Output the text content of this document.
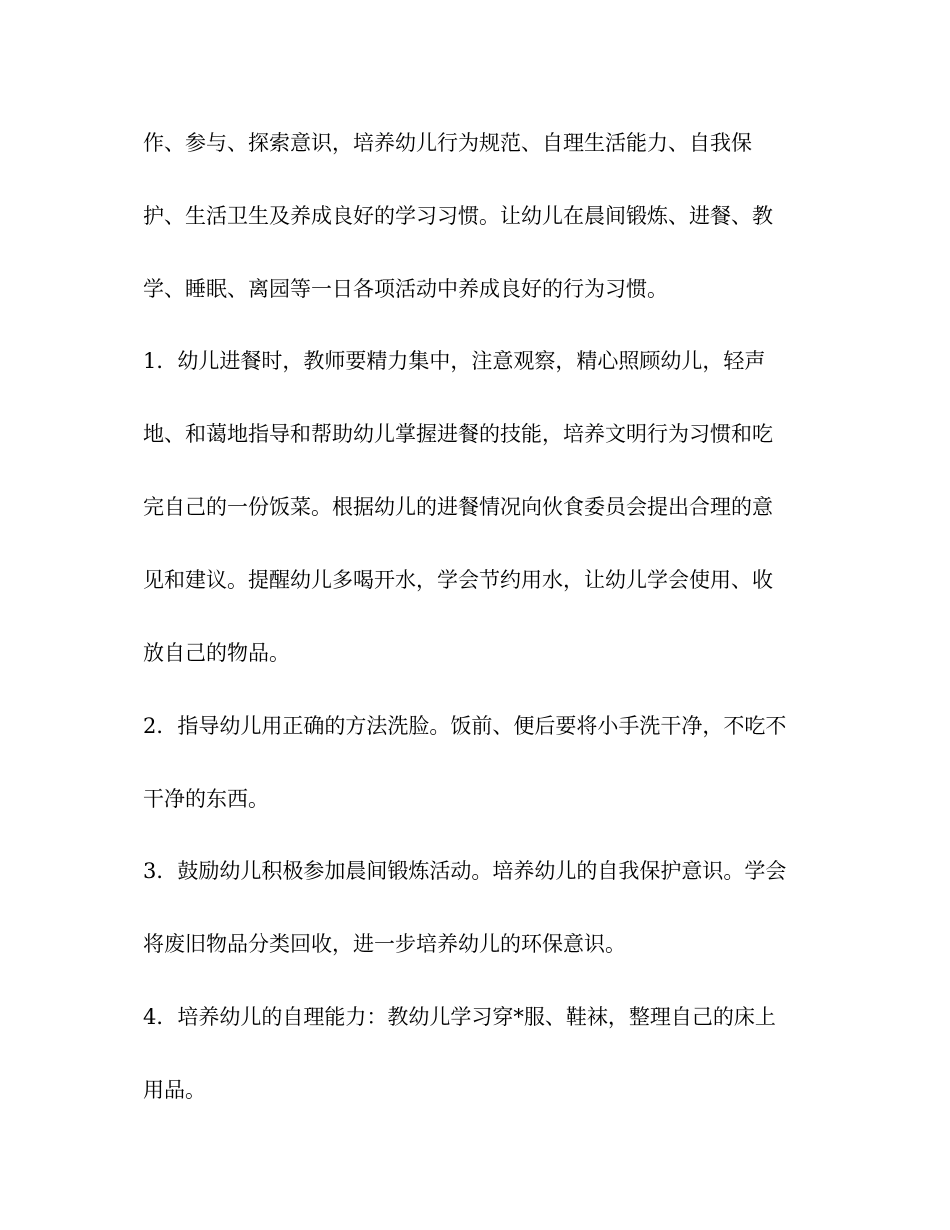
作、参与、探索意识，培养幼儿行为规范、自理生活能力、自我保
护、生活卫生及养成良好的学习习惯。让幼儿在晨间锻炼、进餐、教
学、睡眠、离园等一日各项活动中养成良好的行为习惯。
1．幼儿进餐时，教师要精力集中，注意观察，精心照顾幼儿，轻声
地、和蔼地指导和帮助幼儿掌握进餐的技能，培养文明行为习惯和吃
完自己的一份饭菜。根据幼儿的进餐情况向伙食委员会提出合理的意
见和建议。提醒幼儿多喝开水，学会节约用水，让幼儿学会使用、收
放自己的物品。
2．指导幼儿用正确的方法洗脸。饭前、便后要将小手洗干净，不吃不
干净的东西。
3．鼓励幼儿积极参加晨间锻炼活动。培养幼儿的自我保护意识。学会
将废旧物品分类回收，进一步培养幼儿的环保意识。
4．培养幼儿的自理能力：教幼儿学习穿*服、鞋袜，整理自己的床上
用品。
